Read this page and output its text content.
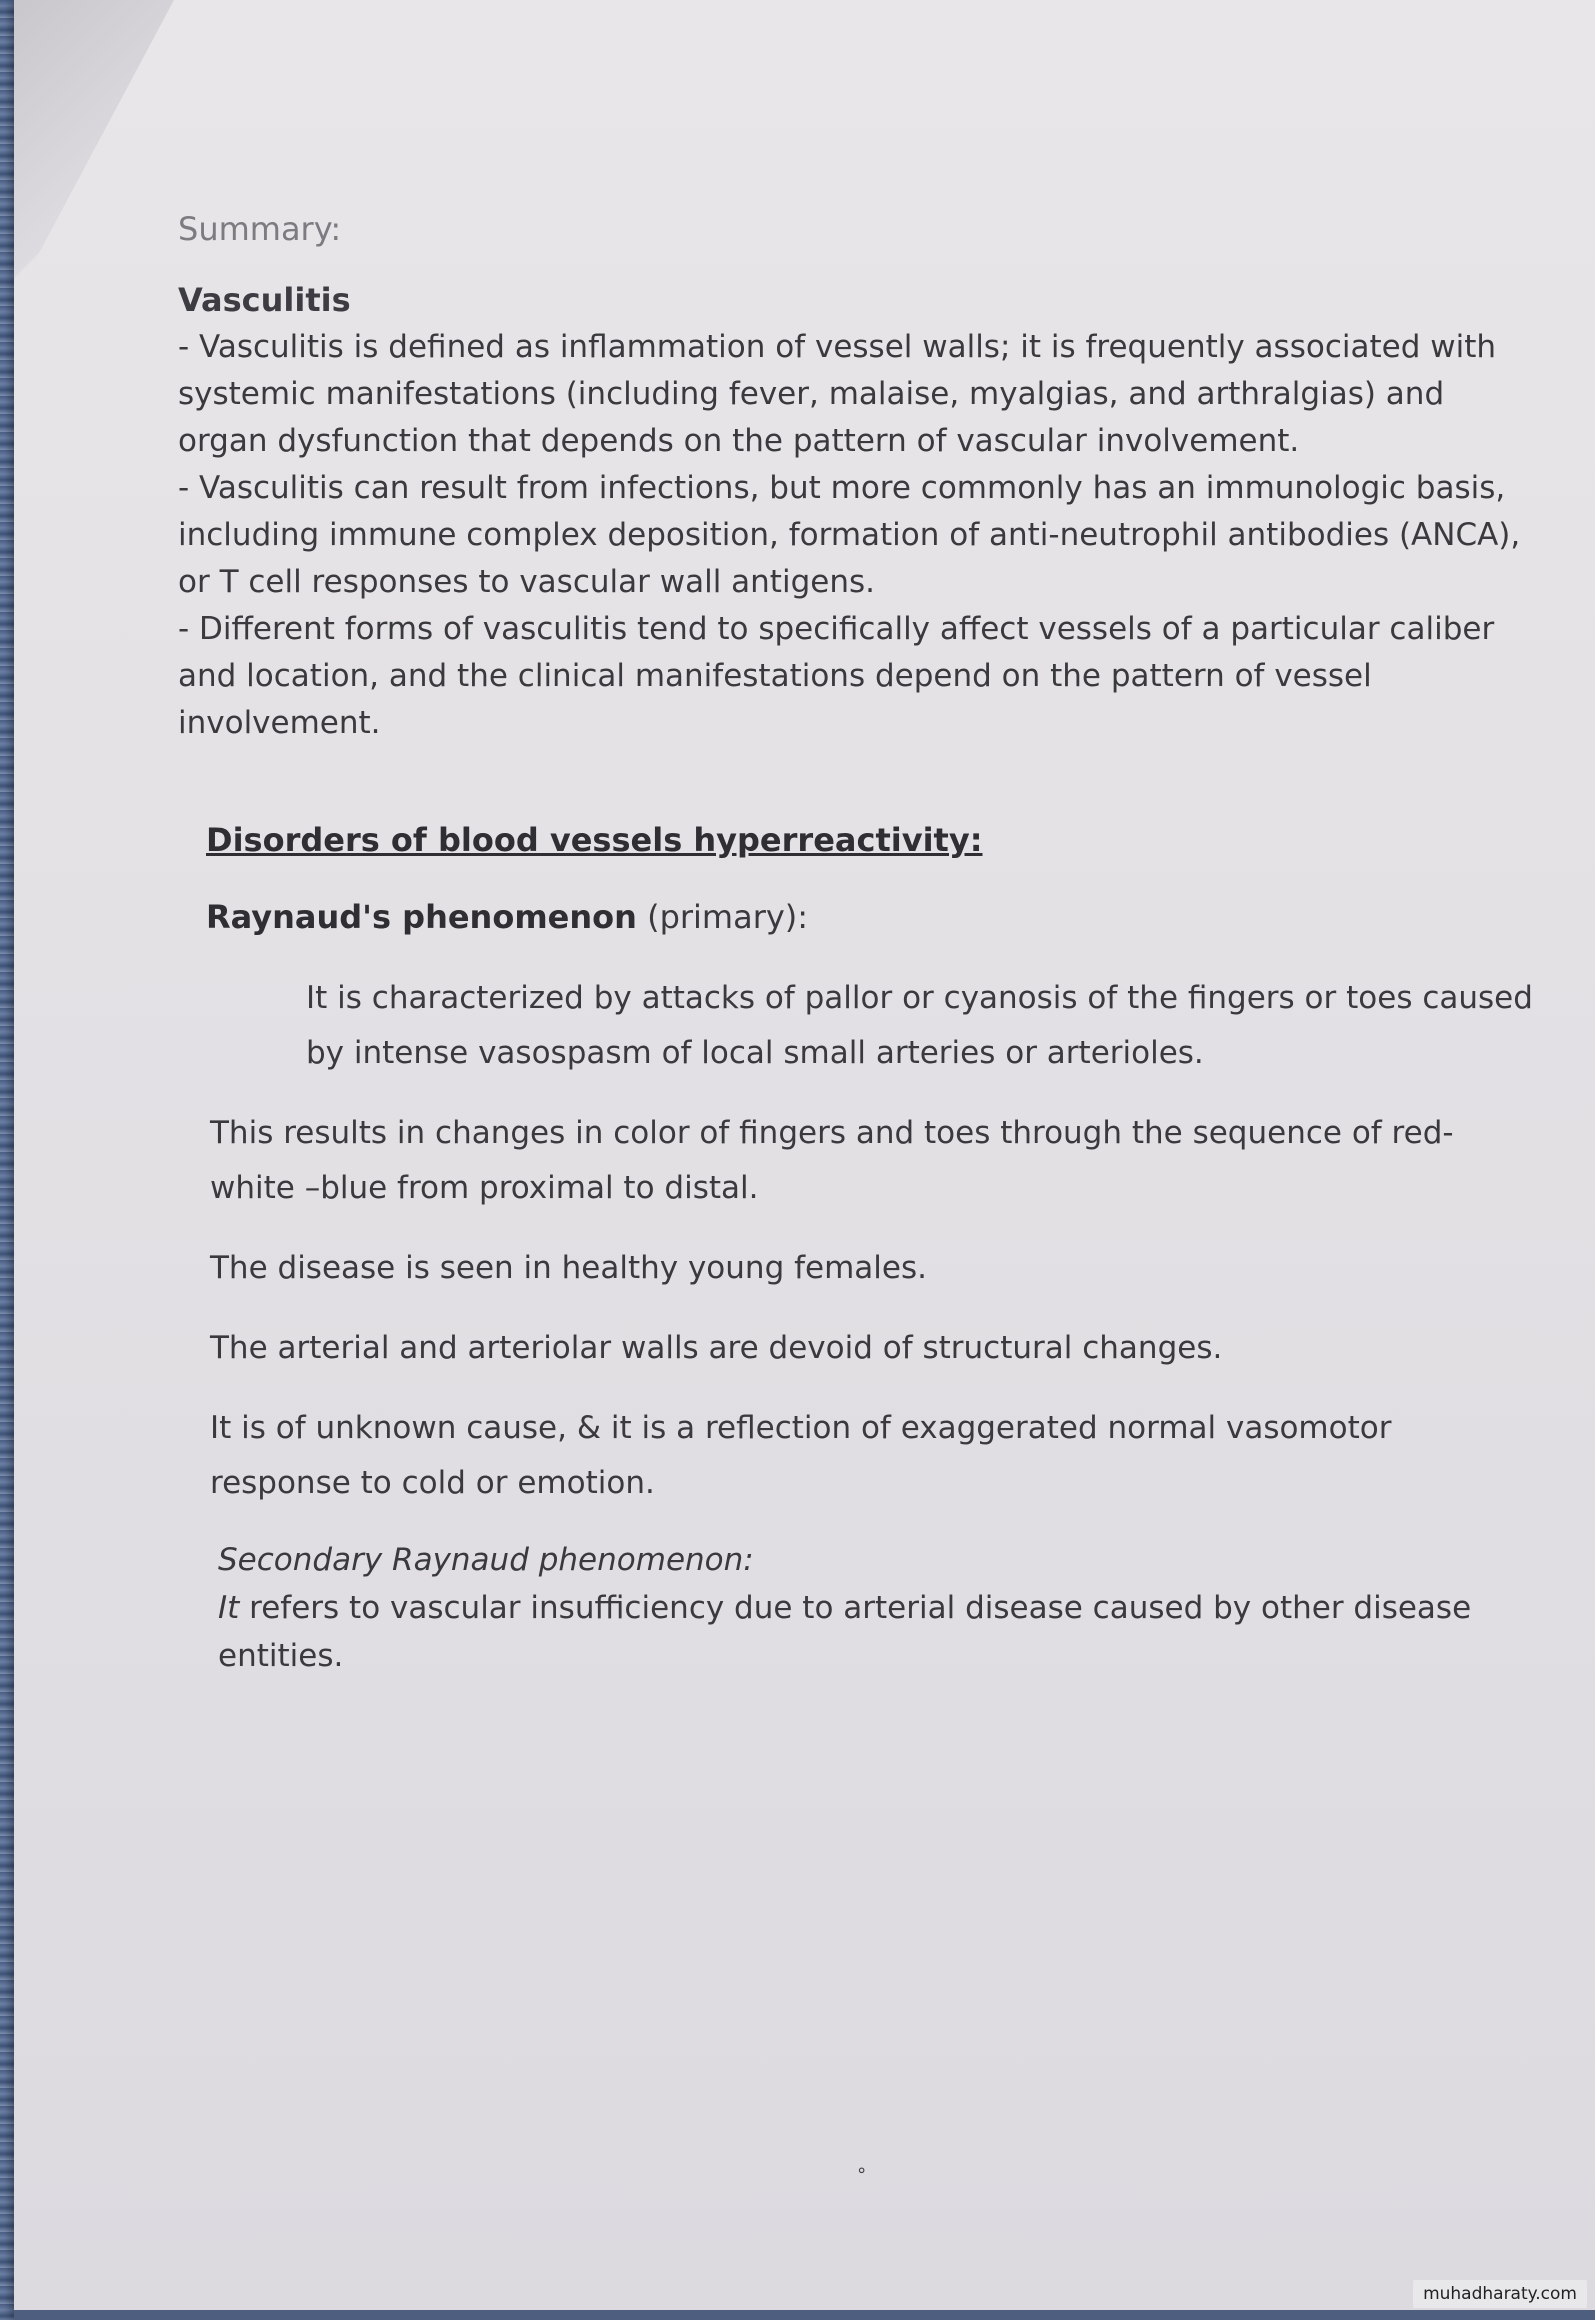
Summary:

Vasculitis

- Vasculitis is defined as inflammation of vessel walls; it is frequently associated with systemic manifestations (including fever, malaise, myalgias, and arthralgias) and organ dysfunction that depends on the pattern of vascular involvement.

- Vasculitis can result from infections, but more commonly has an immunologic basis, including immune complex deposition, formation of anti-neutrophil antibodies (ANCA), or T cell responses to vascular wall antigens.

- Different forms of vasculitis tend to specifically affect vessels of a particular caliber and location, and the clinical manifestations depend on the pattern of vessel involvement.

Disorders of blood vessels hyperreactivity:

Raynaud's phenomenon (primary):

It is characterized by attacks of pallor or cyanosis of the fingers or toes caused by intense vasospasm of local small arteries or arterioles.

This results in changes in color of fingers and toes through the sequence of red-white –blue from proximal to distal.

The disease is seen in healthy young females.

The arterial and arteriolar walls are devoid of structural changes.

It is of unknown cause, & it is a reflection of exaggerated normal vasomotor response to cold or emotion.

Secondary Raynaud phenomenon:

It refers to vascular insufficiency due to arterial disease caused by other disease entities.

∘
muhadharaty.com
